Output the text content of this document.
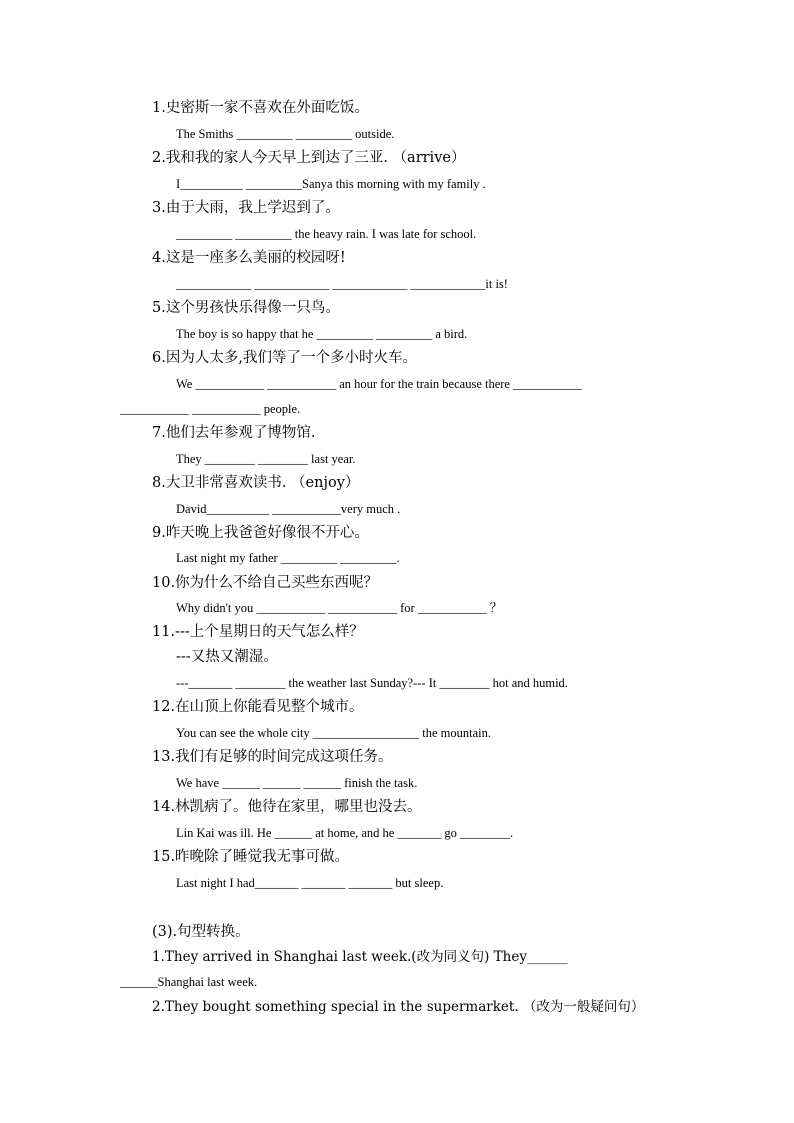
1.史密斯一家不喜欢在外面吃饭。
The Smiths _________ _________ outside.
2.我和我的家人今天早上到达了三亚. （arrive）
I__________ _________Sanya this morning with my family .
3.由于大雨，我上学迟到了。
_________ _________ the heavy rain. I was late for school.
4.这是一座多么美丽的校园呀!
____________ ____________ ____________ ____________it is!
5.这个男孩快乐得像一只鸟。
The boy is so happy that he _________ _________ a bird.
6.因为人太多,我们等了一个多小时火车。
We ___________ ___________ an hour for the train because there ___________
___________ ___________ people.
7.他们去年参观了博物馆.
They ________ ________ last year.
8.大卫非常喜欢读书. （enjoy）
David__________ ___________very much .
9.昨天晚上我爸爸好像很不开心。
Last night my father _________ _________.
10.你为什么不给自己买些东西呢？
Why didn't you ___________ ___________ for ___________ ？
11.---上个星期日的天气怎么样？
---又热又潮湿。
---_______ ________ the weather last Sunday?--- It ________ hot and humid.
12.在山顶上你能看见整个城市。
You can see the whole city _________________ the mountain.
13.我们有足够的时间完成这项任务。
We have ______ ______ ______ finish the task.
14.林凯病了。他待在家里，哪里也没去。
Lin Kai was ill. He ______ at home, and he _______ go ________.
15.昨晚除了睡觉我无事可做。
Last night I had_______ _______ _______ but sleep.
(3).句型转换。
1.They arrived in Shanghai last week.(改为同义句) They______
______Shanghai last week.
2.They bought something special in the supermarket. （改为一般疑问句）
